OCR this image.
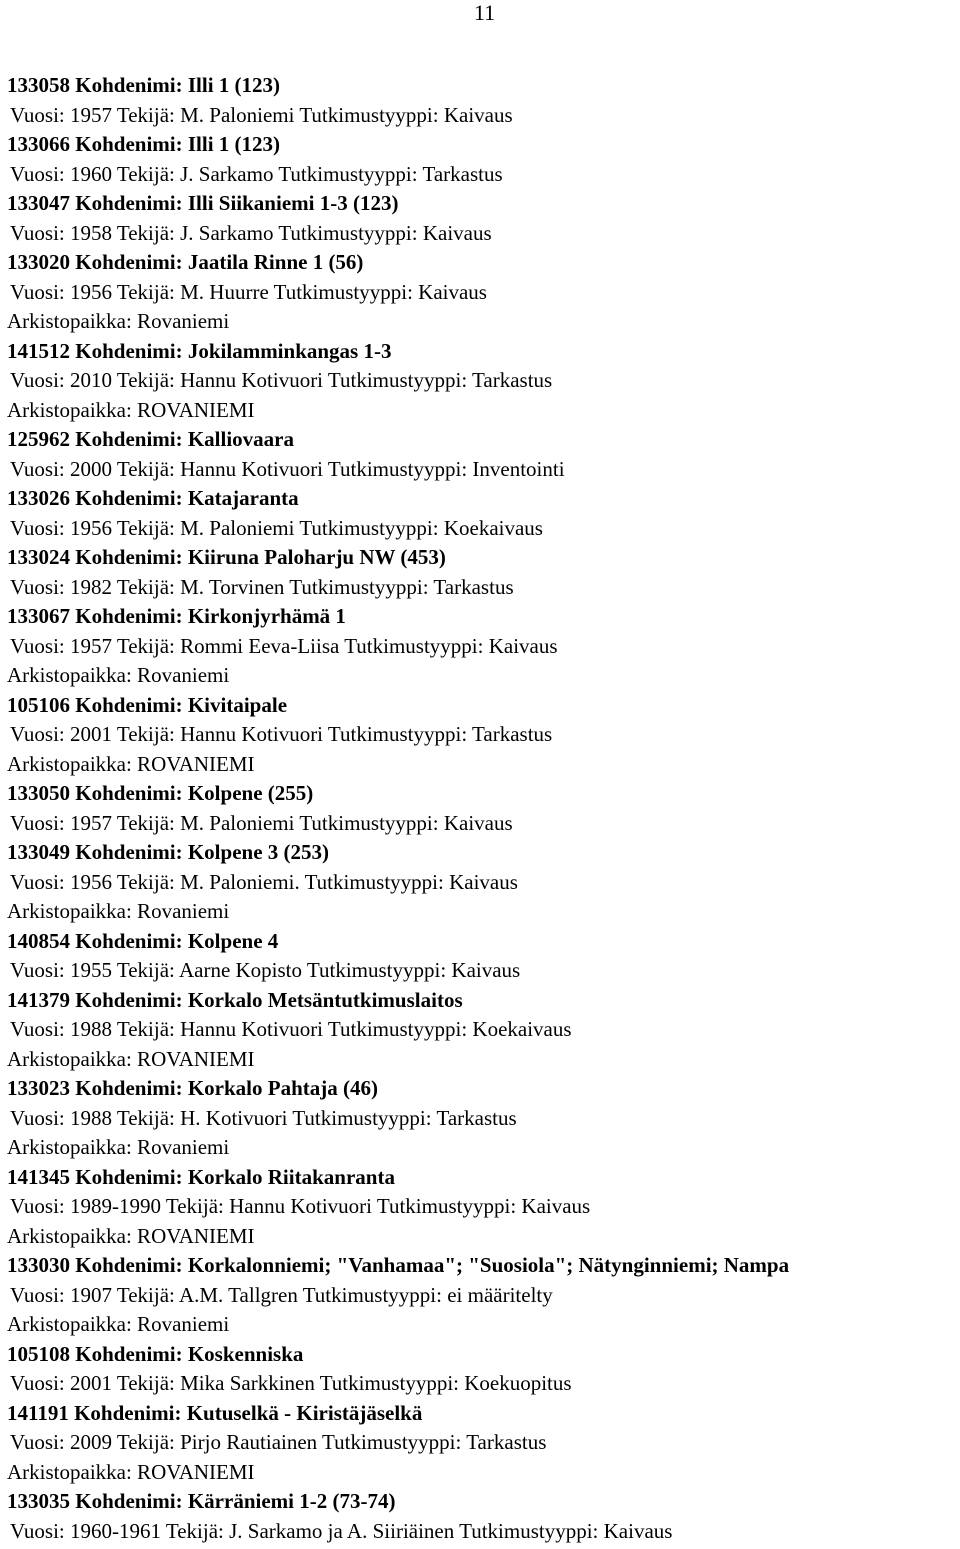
11
133058 Kohdenimi: Illi 1 (123)
Vuosi: 1957 Tekijä: M. Paloniemi Tutkimustyyppi: Kaivaus
133066 Kohdenimi: Illi 1 (123)
Vuosi: 1960 Tekijä: J. Sarkamo Tutkimustyyppi: Tarkastus
133047 Kohdenimi: Illi Siikaniemi 1-3 (123)
Vuosi: 1958 Tekijä: J. Sarkamo Tutkimustyyppi: Kaivaus
133020 Kohdenimi: Jaatila Rinne 1 (56)
Vuosi: 1956 Tekijä: M. Huurre Tutkimustyyppi: Kaivaus
Arkistopaikka: Rovaniemi
141512 Kohdenimi: Jokilamminkangas 1-3
Vuosi: 2010 Tekijä: Hannu Kotivuori Tutkimustyyppi: Tarkastus
Arkistopaikka: ROVANIEMI
125962 Kohdenimi: Kalliovaara
Vuosi: 2000 Tekijä: Hannu Kotivuori Tutkimustyyppi: Inventointi
133026 Kohdenimi: Katajaranta
Vuosi: 1956 Tekijä: M. Paloniemi Tutkimustyyppi: Koekaivaus
133024 Kohdenimi: Kiiruna Paloharju NW (453)
Vuosi: 1982 Tekijä: M. Torvinen Tutkimustyyppi: Tarkastus
133067 Kohdenimi: Kirkonjyrhämä 1
Vuosi: 1957 Tekijä: Rommi Eeva-Liisa Tutkimustyyppi: Kaivaus
Arkistopaikka: Rovaniemi
105106 Kohdenimi: Kivitaipale
Vuosi: 2001 Tekijä: Hannu Kotivuori Tutkimustyyppi: Tarkastus
Arkistopaikka: ROVANIEMI
133050 Kohdenimi: Kolpene (255)
Vuosi: 1957 Tekijä: M. Paloniemi Tutkimustyyppi: Kaivaus
133049 Kohdenimi: Kolpene 3 (253)
Vuosi: 1956 Tekijä: M. Paloniemi. Tutkimustyyppi: Kaivaus
Arkistopaikka: Rovaniemi
140854 Kohdenimi: Kolpene 4
Vuosi: 1955 Tekijä: Aarne Kopisto Tutkimustyyppi: Kaivaus
141379 Kohdenimi: Korkalo Metsäntutkimuslaitos
Vuosi: 1988 Tekijä: Hannu Kotivuori Tutkimustyyppi: Koekaivaus
Arkistopaikka: ROVANIEMI
133023 Kohdenimi: Korkalo Pahtaja (46)
Vuosi: 1988 Tekijä: H. Kotivuori Tutkimustyyppi: Tarkastus
Arkistopaikka: Rovaniemi
141345 Kohdenimi: Korkalo Riitakanranta
Vuosi: 1989-1990 Tekijä: Hannu Kotivuori Tutkimustyyppi: Kaivaus
Arkistopaikka: ROVANIEMI
133030 Kohdenimi: Korkalonniemi; "Vanhamaa"; "Suosiola"; Nätynginniemi; Nampa
Vuosi: 1907 Tekijä: A.M. Tallgren Tutkimustyyppi: ei määritelty
Arkistopaikka: Rovaniemi
105108 Kohdenimi: Koskenniska
Vuosi: 2001 Tekijä: Mika Sarkkinen Tutkimustyyppi: Koekuopitus
141191 Kohdenimi: Kutuselkä - Kiristäjäselkä
Vuosi: 2009 Tekijä: Pirjo Rautiainen Tutkimustyyppi: Tarkastus
Arkistopaikka: ROVANIEMI
133035 Kohdenimi: Kärräniemi 1-2 (73-74)
Vuosi: 1960-1961 Tekijä: J. Sarkamo ja A. Siiriäinen Tutkimustyyppi: Kaivaus
